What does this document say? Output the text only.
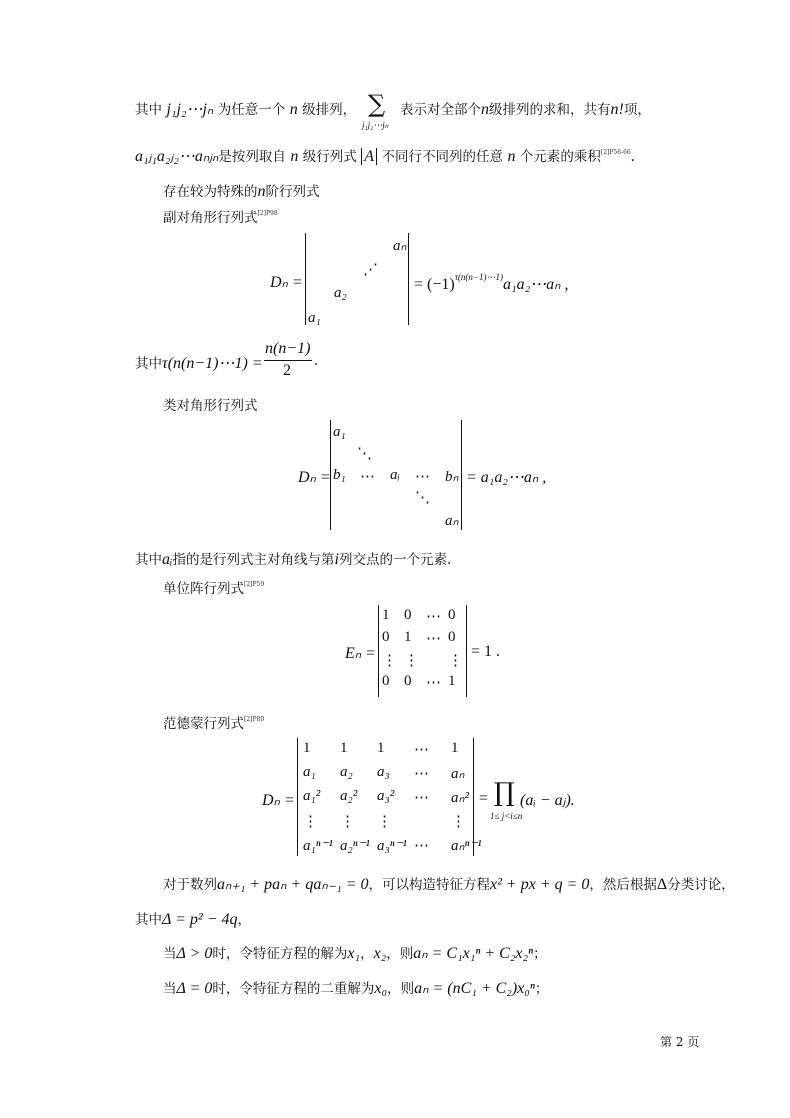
其中 j₁j₂⋯jₙ 为任意一个 n 级排列， ∑
j₁j₂⋯jₙ
表示对全部个n级排列的求和，共有n!项，
a₁ⱼ₁a₂ⱼ₂⋯aₙⱼₙ是按列取自 n 级行列式 A 不同行不同列的任意 n 个元素的乘积$^{[2]P56-66}$.
存在较为特殊的n阶行列式
副对角形行列式$^{[2]P98}$
Dₙ =
aₙ
⋰
a₂
a₁
= $(-1)^{\tau(n(n-1)\cdots 1)}a_1a_2\cdots a_n$ ,
其中τ(n(n−1)⋯1) =
n(n−1)
2
.
类对角形行列式
Dₙ =
a₁
⋱
b₁ ⋯ aᵢ ⋯ bₙ
⋱
aₙ
= a₁a₂⋯aₙ ,
其中aᵢ指的是行列式主对角线与第i列交点的一个元素.
单位阵行列式$^{[2]P59}$
Eₙ =
1 0 ⋯ 0
0 1 ⋯ 0
⋮ ⋮ ⋮
0 0 ⋯ 1
= 1 .
范德蒙行列式$^{[2]P80}$
Dₙ =
1 1 1 ⋯ 1
a₁ a₂ a₃ ⋯ aₙ
a₁² a₂² a₃² ⋯ aₙ²
⋮ ⋮ ⋮	⋮
a₁ⁿ⁻¹ a₂ⁿ⁻¹ a₃ⁿ⁻¹ ⋯ aₙⁿ⁻¹
= ∏
1≤ j<i≤n
(aᵢ − aⱼ).
对于数列aₙ₊₁ + paₙ + qaₙ₋₁ = 0，可以构造特征方程x² + px + q = 0，然后根据Δ分类讨论，
其中Δ = p² − 4q，
当Δ > 0时，令特征方程的解为x₁，x₂，则aₙ = C₁x₁ⁿ + C₂x₂ⁿ；
当Δ = 0时，令特征方程的二重解为x₀，则aₙ = (nC₁ + C₂)x₀ⁿ；
第 2 页
